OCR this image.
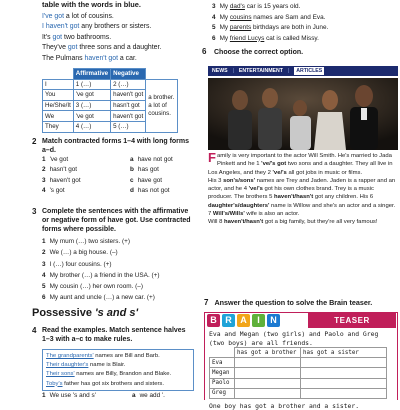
table with the words in blue.
I've got a lot of cousins.
I haven't got any brothers or sisters.
It's got two bathrooms.
They've got three sons and a daughter.
The Pulmans haven't got a car.
	Affirmative	Negative	
I	1 (…)	2 (…)	a brother. a lot of cousins.
You	've got	haven't got	
He/She/It	3 (…)	hasn't got	
We	've got	haven't got	
They	4 (…)	5 (…)	
2 Match contracted forms 1–4 with long forms a–d.
1 've got	a have not got
2 hasn't got	b has got
3 haven't got	c have got
4 's got	d has not got
3 Complete the sentences with the affirmative or negative form of have got. Use contracted forms where possible.
1 My mum (…) two sisters. (+)
2 We (…) a big house. (–)
3 I (…) four cousins. (+)
4 My brother (…) a friend in the USA. (+)
5 My cousin (…) her own room. (–)
6 My aunt and uncle (…) a new car. (+)
Possessive 's and s'
4 Read the examples. Match sentence halves 1–3 with a–c to make rules.
The grandparents' names are Bill and Barb.
Their daughter's name is Blair.
Their sons' names are Billy, Brandon and Blake.
Toby's father has got six brothers and sisters.
1 We use 's and s'	a we add '.
3 My dad's car is 15 years old.
4 My cousins names are Sam and Eva.
5 My parents birthdays are both in June.
6 My friend Lucys cat is called Missy.
6 Choose the correct option.
NEWS | ENTERTAINMENT |	ARTICLES

Family is very important to the actor Will Smith. He's married to Jada Pinkett and he 1 've/'s got two sons and a daughter. They all live in Los Angeles, and they 2 've/'s all got jobs in music or films.

His 3 son's/sons' names are Trey and Jaden. Jaden is a rapper and an actor, and he 4 've/'s got his own clothes brand. Trey is a music producer. The brothers 5 haven't/hasn't got any children. His 6 daughter's/daughters' name is Willow and she's an actor and a singer. 7 Will's/Wills' wife is also an actor.

Will 8 haven't/hasn't got a big family, but they're all very famous!

7 Answer the question to solve the Brain teaser.
B R A	I	N	TEASER
Eva and Megan (two girls) and Paolo and Greg
(two boys) are all friends.
	has got a brother	has got a sister
Eva		
Megan		
Paolo		
Greg		
One boy has got a brother and a sister.
